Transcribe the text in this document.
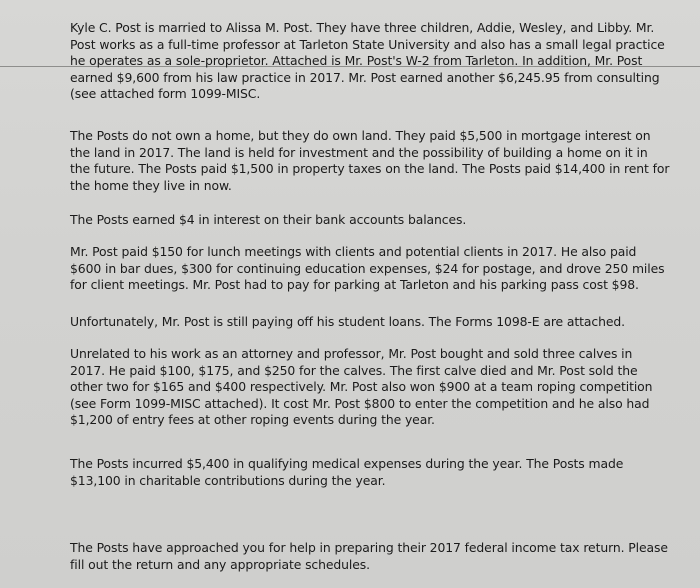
Kyle C. Post is married to Alissa M. Post. They have three children, Addie, Wesley, and Libby. Mr. Post works as a full-time professor at Tarleton State University and also has a small legal practice he operates as a sole-proprietor. Attached is Mr. Post's W-2 from Tarleton. In addition, Mr. Post earned $9,600 from his law practice in 2017. Mr. Post earned another $6,245.95 from consulting (see attached form 1099-MISC.

The Posts do not own a home, but they do own land. They paid $5,500 in mortgage interest on the land in 2017. The land is held for investment and the possibility of building a home on it in the future. The Posts paid $1,500 in property taxes on the land. The Posts paid $14,400 in rent for the home they live in now.

The Posts earned $4 in interest on their bank accounts balances.

Mr. Post paid $150 for lunch meetings with clients and potential clients in 2017. He also paid $600 in bar dues, $300 for continuing education expenses, $24 for postage, and drove 250 miles for client meetings. Mr. Post had to pay for parking at Tarleton and his parking pass cost $98.

Unfortunately, Mr. Post is still paying off his student loans. The Forms 1098-E are attached.

Unrelated to his work as an attorney and professor, Mr. Post bought and sold three calves in 2017. He paid $100, $175, and $250 for the calves. The first calve died and Mr. Post sold the other two for $165 and $400 respectively. Mr. Post also won $900 at a team roping competition (see Form 1099-MISC attached). It cost Mr. Post $800 to enter the competition and he also had $1,200 of entry fees at other roping events during the year.

The Posts incurred $5,400 in qualifying medical expenses during the year. The Posts made $13,100 in charitable contributions during the year.

The Posts have approached you for help in preparing their 2017 federal income tax return. Please fill out the return and any appropriate schedules.
